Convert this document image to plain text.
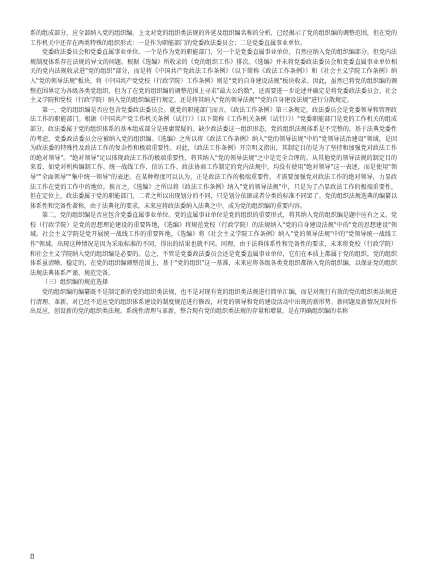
系的组成部分，应全部纳入党的组织编。上文对党的组织类法规的外延及组织编名称的分析，已经揭示了党的组织编的调整范围，但在党的工作机关中还存在两类特殊的组织形式：一是作为职能部门的党委政法委员会；二是党委直属事业单位。

党委政法委员会和党委直属事业单位。一个是作为党的职能部门，另一个是党委直属事业单位，自然应纳入党的组织编部分。但党内法规制度体系存在法规的异文的问题。根据《选编》所收录的《党的组织工作》排次。《选编》并未将党委政法委员会和党委直属事业单位相关的党内法规收录进"党的组织"部分，而是将《中国共产党政法工作条例》（以下简称《政法工作条例》）和《社会主义学院工作条例》纳入"党的领导法规"板块，将《中国共产党党校（行政学院）工作条例》则是"党的自身建设法规"板块收录。因此，虽然已将党的组织编的调整范围界定为各级各类党组织，但为了在党的组织编的调整范围上寻求"最大公约数"，还需要进一步论述并确定是将党委政法委员会、社会主义学院和党校（行政学院）纳入党的组织编进行规定，还是将其纳入"党的领导法规""党的自身建设法规"进行分散规定。

第一，党的组织编是否应包含党委政法委员会。就党的职能部门而言，《政法工作条例》第三条规定，政法委员会是党委领导和管理政法工作的职能部门。根据《中国共产党工作机关条例（试行）》（以下简称《工作机关条例（试行）》）"党委职能部门是党的工作机关的组成部分，政法委属于党的组织体系的基本组成部分是毋庸置疑的，缺少政法委这一组织形态，党的组织法规体系是不完整的。基于法典党委性的考虑，党委政法委员会应被纳入党的组织编。《选编》之所以将《政法工作条例》纳入"党的领导法规"中的"党领导法治建设"领域，是因为政法委的特殊性及政法工作的复杂性和极端重要性。对此，《政法工作条例》开宗明义指出，其制定目的是为了坚持和加强党对政法工作的绝对领导"。"绝对领导"足以体现政法工作的极端重要性，将其纳入"党的领导法规"之中是完全合理的。从其他党的领导法规的制定目的来看，如党对机构编制工作、统一战线工作、信访工作、政法协商工作制定的党内法规中，均没有使用"绝对领导"这一表述，而是使用"领导""全面领导""集中统一领导"的表述。在某种程度可以认为，正是政法工作的极端重要性，才需要加强党对政法工作的绝对领导，力显政法工作在党的工作中的地位。换言之，《选编》之所以将《政法工作条例》纳入"党的领导法规"中，只是为了凸显政法工作的极端重要性，但在定位上，政法委属于党的职能部门，二者之所以出现划分的不同，只是划分依据或者分类的标准不同罢了。党的组织法规选典的编纂以体系性和完备性著称，由于法典化的要求，未来应将政法委纳入法典之中，成为党的组织编的重要内容。

第二，党的组织编是否应包含党委直属事业单位。党的直属事业单位是党的组织的重要形式，将其纳入党的组织编是题中应有之义。党校（行政学院）是党的思想理论建设的重要阵地，《选编》将规范党校（行政学院）的法规纳入"党的自身建设法规"中的"党的思想建设"领域。社会主义学院是党开展统一战线工作的重要阵地，《选编》将《社会主义学院工作条例》纳入"党的领导法规"中的"党领导统一战线工作"领域。出现这种情况是因为采取标准的不同，得出的结果也就不同。同理，由于法典体系性和完备性的要求，未来将党校（行政学院）和社会主义学院纳入党的组织编是必要的。总之，不管是党委政法委员会还是党委直属事业单位，它们在本质上都属于党的组织。党的组织体系虽清晰、稳定的，在党的组织编调整范围上，基于"党的组织"这一基准，未来应将各级各类党组织都纳入党的组织编，以保证党的组织法规法典体系严谨、规范完备。

（三）组织编的规范选择

党的组织编的编纂既不是制定新的党的组织类法规，也不是对现有党的组织类法规进行简单汇编，而是对现行有效的党的组织类法规进行清理、革新，对已经不适应党的组织体系建设的制度规范进行修改，对党的领导和党的建设活动中出现的新形势、新问题及新情况及时作出反应，创设新的党的组织类法规。系统性清理与革新，整合现有党的组织类法规的存量和增量，是在明确组织编的名称

8
